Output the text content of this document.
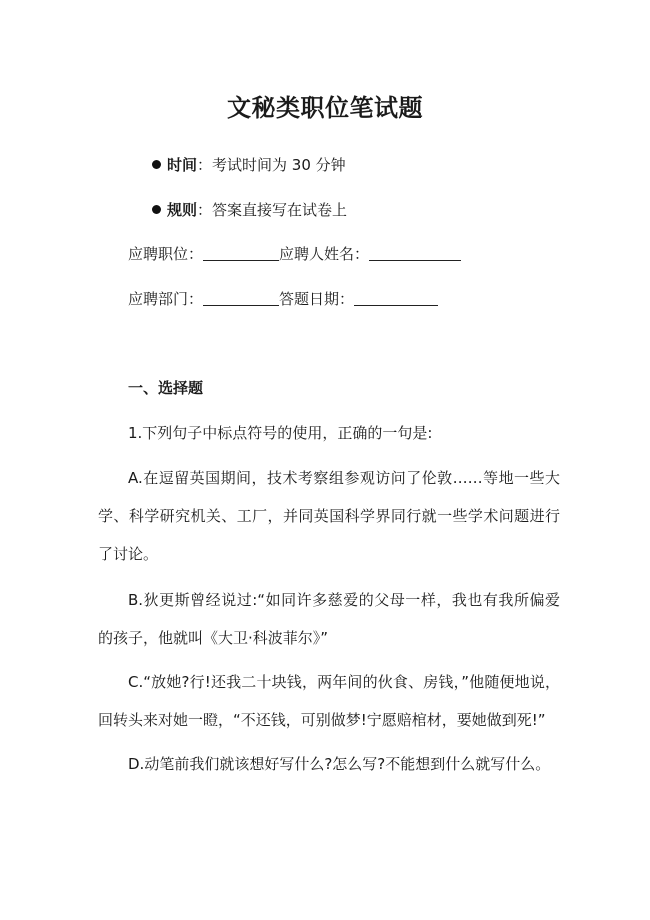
文秘类职位笔试题
时间：考试时间为 30 分钟
规则：答案直接写在试卷上
应聘职位：	应聘人姓名：
应聘部门：	答题日期：
一、选择题
1.下列句子中标点符号的使用，正确的一句是:
A.在逗留英国期间，技术考察组参观访问了伦敦……等地一些大学、科学研究机关、工厂，并同英国科学界同行就一些学术问题进行了讨论。
B.狄更斯曾经说过:“如同许多慈爱的父母一样，我也有我所偏爱的孩子，他就叫《大卫·科波菲尔》”
C.“放她?行!还我二十块钱，两年间的伙食、房钱，”他随便地说，回转头来对她一瞪，“不还钱，可别做梦!宁愿赔棺材，要她做到死!”
D.动笔前我们就该想好写什么?怎么写?不能想到什么就写什么。
